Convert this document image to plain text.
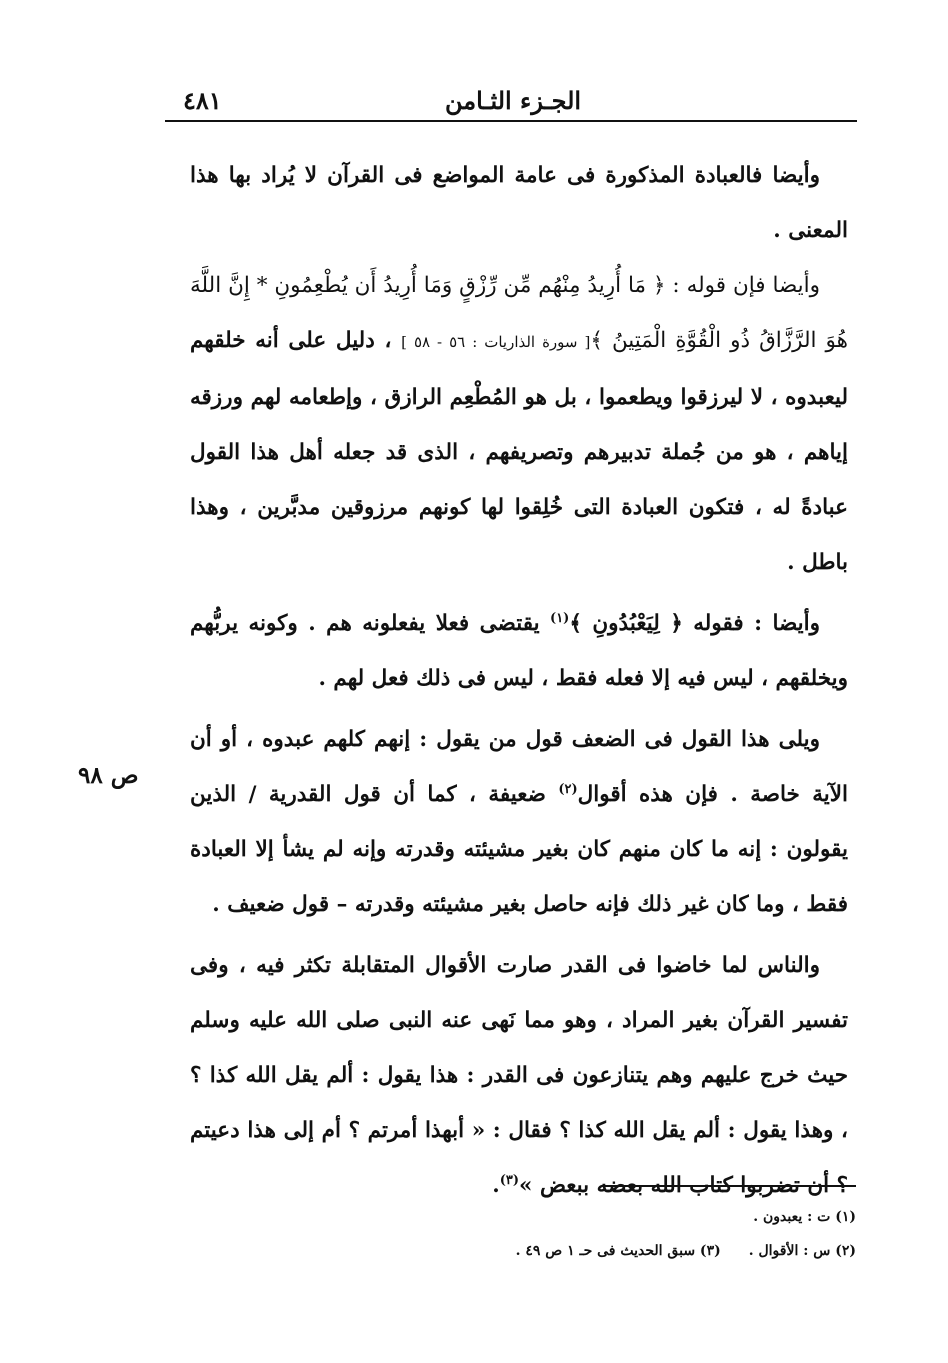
٤٨١	الجـزء الثـامن
ص ٩٨

وأيضا فالعبادة المذكورة فى عامة المواضع فى القرآن لا يُراد بها هذا المعنى .

وأيضا فإن قوله : ﴿ مَا أُرِيدُ مِنْهُم مِّن رِّزْقٍ وَمَا أُرِيدُ أَن يُطْعِمُونِ * إِنَّ اللَّهَ هُوَ الرَّزَّاقُ ذُو الْقُوَّةِ الْمَتِينُ ﴾[ سورة الذاريات : ٥٦ - ٥٨ ] ، دليل على أنه خلقهم ليعبدوه ، لا ليرزقوا ويطعموا ، بل هو المُطْعِم الرازق ، وإطعامه لهم ورزقه إياهم ، هو من جُملة تدبيرهم وتصريفهم ، الذى قد جعله أهل هذا القول عبادةً له ، فتكون العبادة التى خُلِقوا لها كونهم مرزوقين مدبَّرين ، وهذا باطل .

وأيضا : فقوله ﴿ لِيَعْبُدُونِ ﴾$^{(١)}$ يقتضى فعلا يفعلونه هم . وكونه يربُّهم ويخلقهم ، ليس فيه إلا فعله فقط ، ليس فى ذلك فعل لهم .

ويلى هذا القول فى الضعف قول من يقول : إنهم كلهم عبدوه ، أو أن الآية خاصة . فإن هذه أقوال$^{(٢)}$ ضعيفة ، كما أن قول القدرية / الذين يقولون : إنه ما كان منهم كان بغير مشيئته وقدرته وإنه لم يشأ إلا العبادة فقط ، وما كان غير ذلك فإنه حاصل بغير مشيئته وقدرته – قول ضعيف .

والناس لما خاضوا فى القدر صارت الأقوال المتقابلة تكثر فيه ، وفى تفسير القرآن بغير المراد ، وهو مما نَهى عنه النبى صلى الله عليه وسلم حيث خرج عليهم وهم يتنازعون فى القدر : هذا يقول : ألم يقل الله كذا ؟ ، وهذا يقول : ألم يقل الله كذا ؟ فقال : « أبهذا أمرتم ؟ أم إلى هذا دعيتم ؟ أن تضربوا كتاب الله بعضه ببعض »$^{(٣)}$.

(١) ت : يعبدون .
(٢) س : الأقوال .(٣) سبق الحديث فى حـ ١ ص ٤٩ .
